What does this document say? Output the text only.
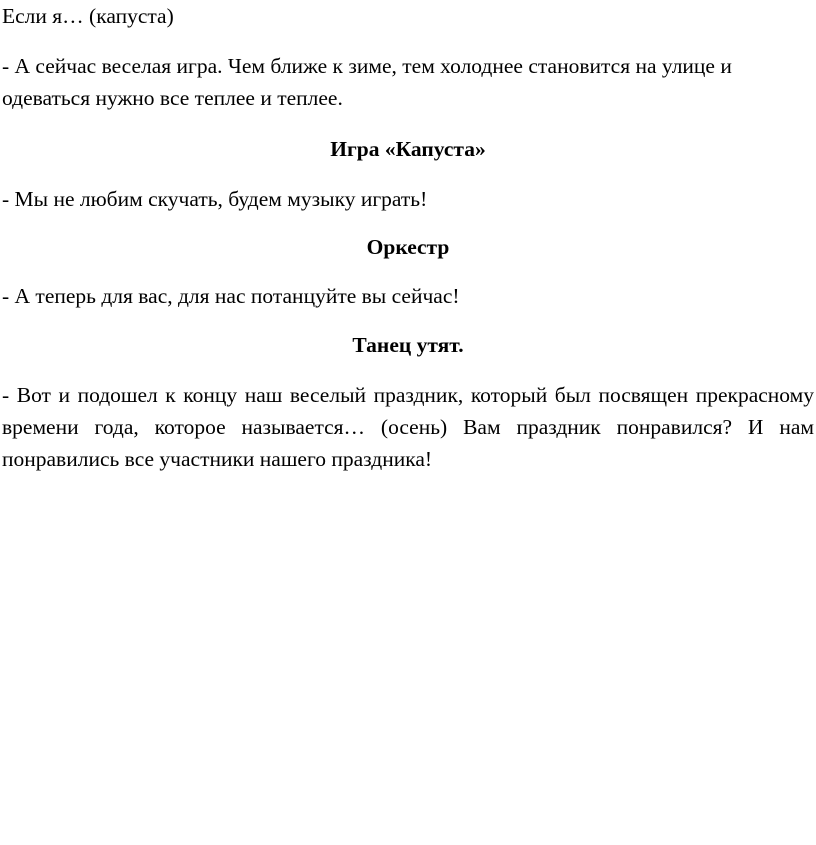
Если я… (капуста)

- А сейчас веселая игра. Чем ближе к зиме, тем холоднее становится на улице и одеваться нужно все теплее и теплее.

Игра «Капуста»

- Мы не любим скучать, будем музыку играть!

Оркестр

- А теперь для вас, для нас потанцуйте вы сейчас!

Танец утят.

- Вот и подошел к концу наш веселый праздник, который был посвящен прекрасному времени года, которое называется… (осень) Вам праздник понравился? И нам понравились все участники нашего праздника!
